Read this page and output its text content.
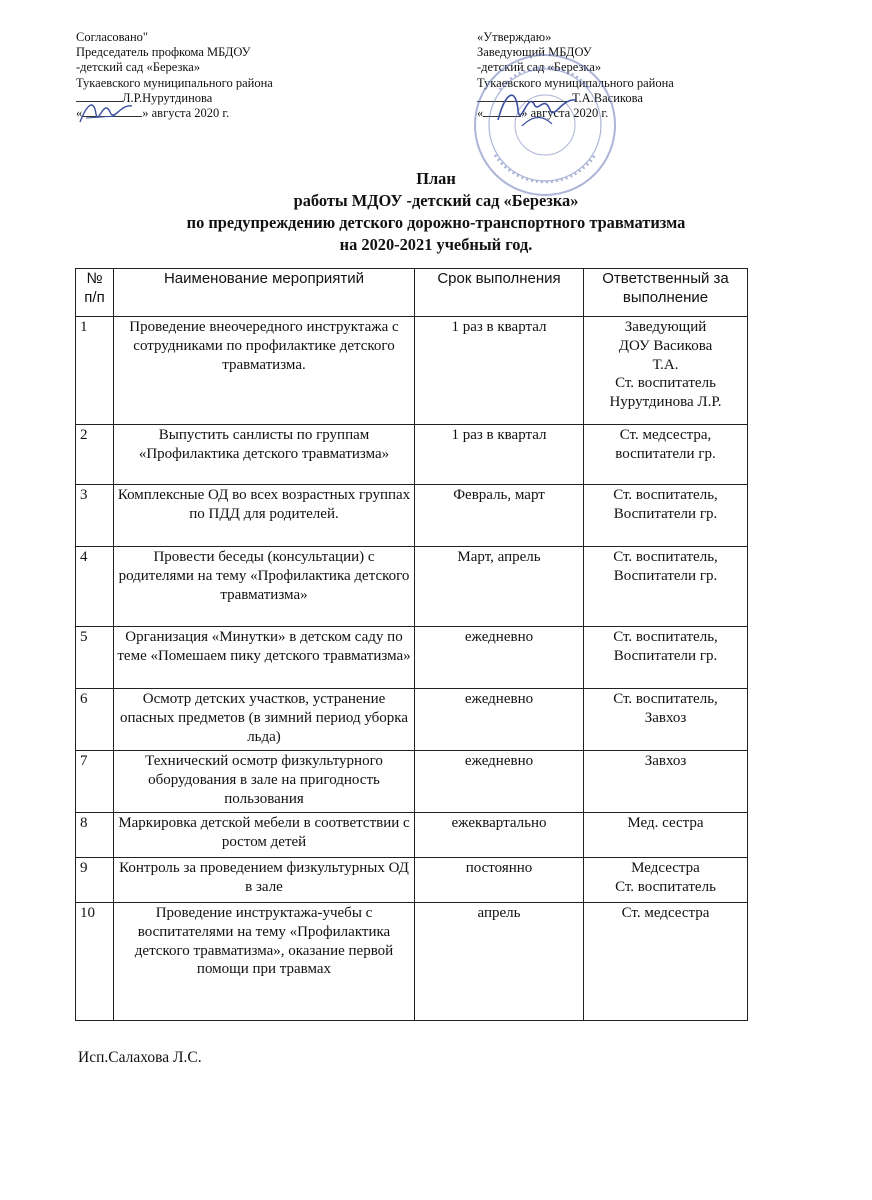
Согласовано"
Председатель профкома МБДОУ
-детский сад «Березка»
Тукаевского муниципального района
Л.Р.Нурутдинова
«	» августа 2020 г.
«Утверждаю»
Заведующий МБДОУ
-детский сад «Березка»
Тукаевского муниципального района
Т.А.Васикова
«	» августа 2020 г.
План
работы МДОУ -детский сад «Березка»
по предупреждению детского дорожно-транспортного травматизма
на 2020-2021 учебный год.
№ п/п	Наименование мероприятий	Срок выполнения	Ответственный за выполнение
1	Проведение внеочередного инструктажа с сотрудниками по профилактике детского травматизма.	1 раз в квартал	Заведующий
ДОУ Васикова
Т.А.
Ст. воспитатель
Нурутдинова Л.Р.
2	Выпустить санлисты по группам «Профилактика детского травматизма»	1 раз в квартал	Ст. медсестра,
воспитатели гр.
3	Комплексные ОД во всех возрастных группах по ПДД для родителей.	Февраль, март	Ст. воспитатель,
Воспитатели гр.
4	Провести беседы (консультации) с родителями на тему «Профилактика детского травматизма»	Март, апрель	Ст. воспитатель,
Воспитатели гр.
5	Организация «Минутки» в детском саду по теме «Помешаем пику детского травматизма»	ежедневно	Ст. воспитатель,
Воспитатели гр.
6	Осмотр детских участков, устранение опасных предметов (в зимний период уборка льда)	ежедневно	Ст. воспитатель,
Завхоз
7	Технический осмотр физкультурного оборудования в зале на пригодность пользования	ежедневно	Завхоз
8	Маркировка детской мебели в соответствии с ростом детей	ежеквартально	Мед. сестра
9	Контроль за проведением физкультурных ОД в зале	постоянно	Медсестра
Ст. воспитатель
10	Проведение инструктажа-учебы с воспитателями на тему «Профилактика детского травматизма», оказание первой помощи при травмах	апрель	Ст. медсестра
Исп.Салахова Л.С.
